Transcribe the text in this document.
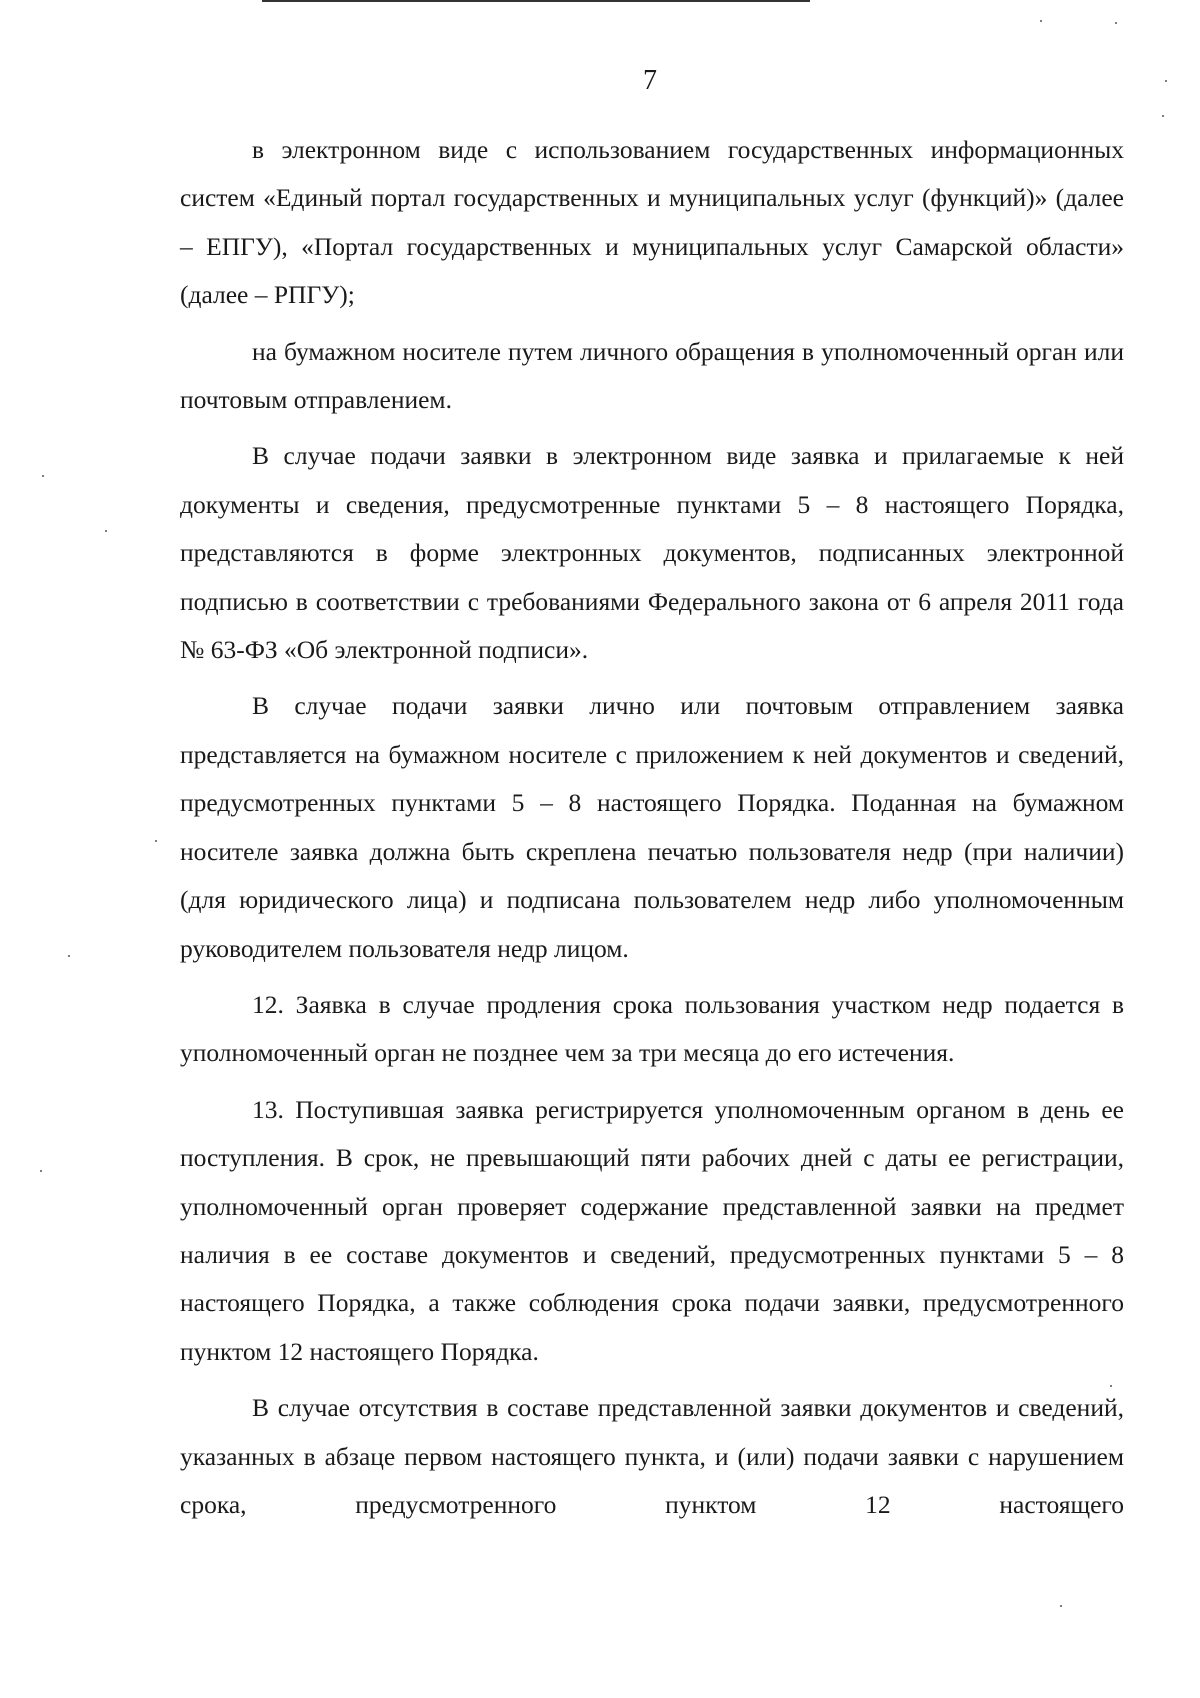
7

в электронном виде с использованием государственных информационных систем «Единый портал государственных и муниципальных услуг (функций)» (далее – ЕПГУ), «Портал государственных и муниципальных услуг Самарской области» (далее – РПГУ);

на бумажном носителе путем личного обращения в уполномоченный орган или почтовым отправлением.

В случае подачи заявки в электронном виде заявка и прилагаемые к ней документы и сведения, предусмотренные пунктами 5 – 8 настоящего Порядка, представляются в форме электронных документов, подписанных электронной подписью в соответствии с требованиями Федерального закона от 6 апреля 2011 года № 63-ФЗ «Об электронной подписи».

В случае подачи заявки лично или почтовым отправлением заявка представляется на бумажном носителе с приложением к ней документов и сведений, предусмотренных пунктами 5 – 8 настоящего Порядка. Поданная на бумажном носителе заявка должна быть скреплена печатью пользователя недр (при наличии) (для юридического лица) и подписана пользователем недр либо уполномоченным руководителем пользователя недр лицом.

12. Заявка в случае продления срока пользования участком недр подается в уполномоченный орган не позднее чем за три месяца до его истечения.

13. Поступившая заявка регистрируется уполномоченным органом в день ее поступления. В срок, не превышающий пяти рабочих дней с даты ее регистрации, уполномоченный орган проверяет содержание представленной заявки на предмет наличия в ее составе документов и сведений, предусмотренных пунктами 5 – 8 настоящего Порядка, а также соблюдения срока подачи заявки, предусмотренного пунктом 12 настоящего Порядка.

В случае отсутствия в составе представленной заявки документов и сведений, указанных в абзаце первом настоящего пункта, и (или) подачи заявки с нарушением срока, предусмотренного пунктом 12 настоящего
